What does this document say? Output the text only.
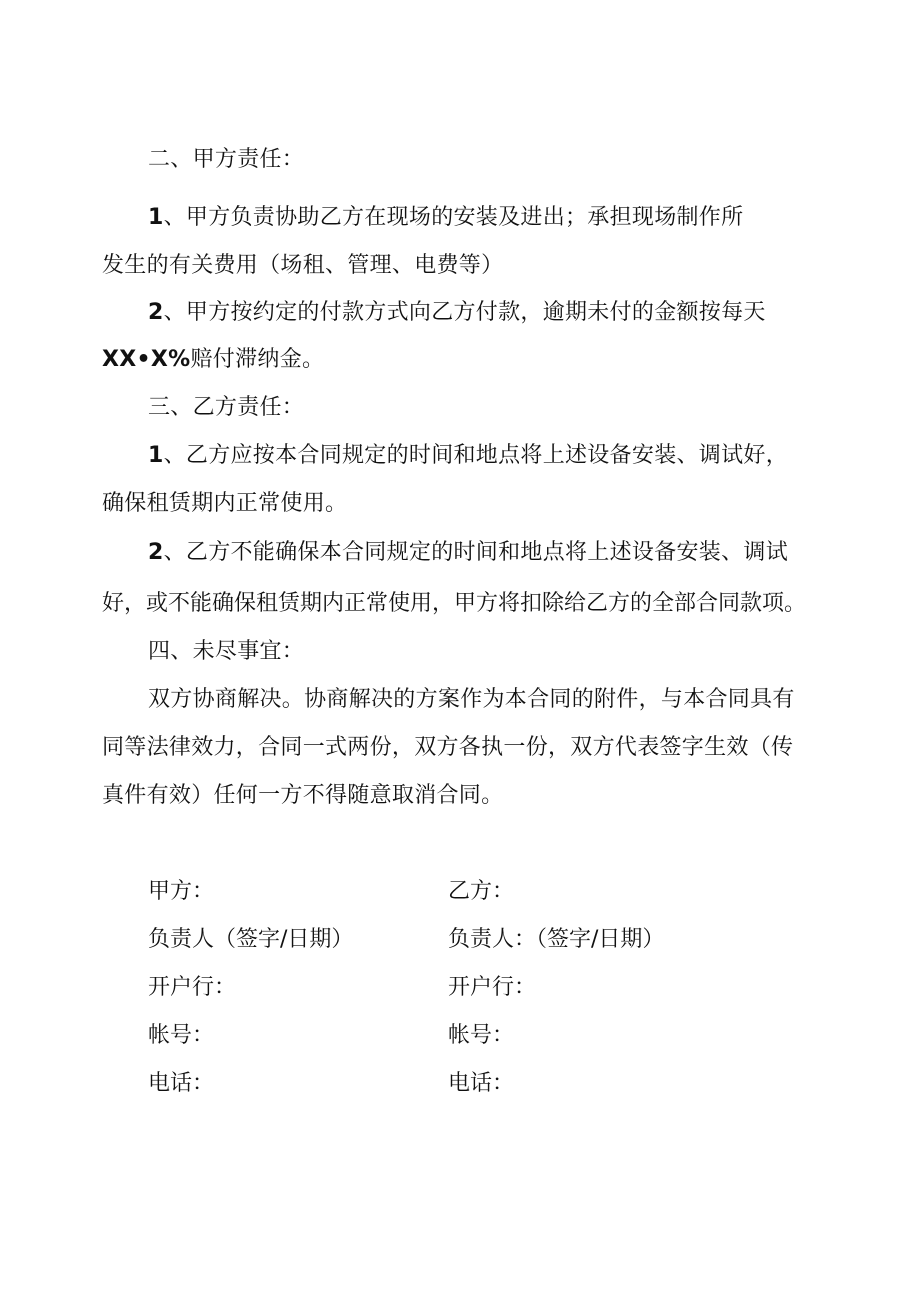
二、甲方责任：
1、甲方负责协助乙方在现场的安装及进出；承担现场制作所
发生的有关费用（场租、管理、电费等）
2、甲方按约定的付款方式向乙方付款，逾期未付的金额按每天
XX•X%赔付滞纳金。
三、乙方责任：
1、乙方应按本合同规定的时间和地点将上述设备安装、调试好，
确保租赁期内正常使用。
2、乙方不能确保本合同规定的时间和地点将上述设备安装、调试
好，或不能确保租赁期内正常使用，甲方将扣除给乙方的全部合同款项。
四、未尽事宜：
双方协商解决。协商解决的方案作为本合同的附件，与本合同具有
同等法律效力，合同一式两份，双方各执一份，双方代表签字生效（传
真件有效）任何一方不得随意取消合同。
甲方：
负责人（签字/日期）
开户行：
帐号：
电话：
乙方：
负责人：（签字/日期）
开户行：
帐号：
电话：
